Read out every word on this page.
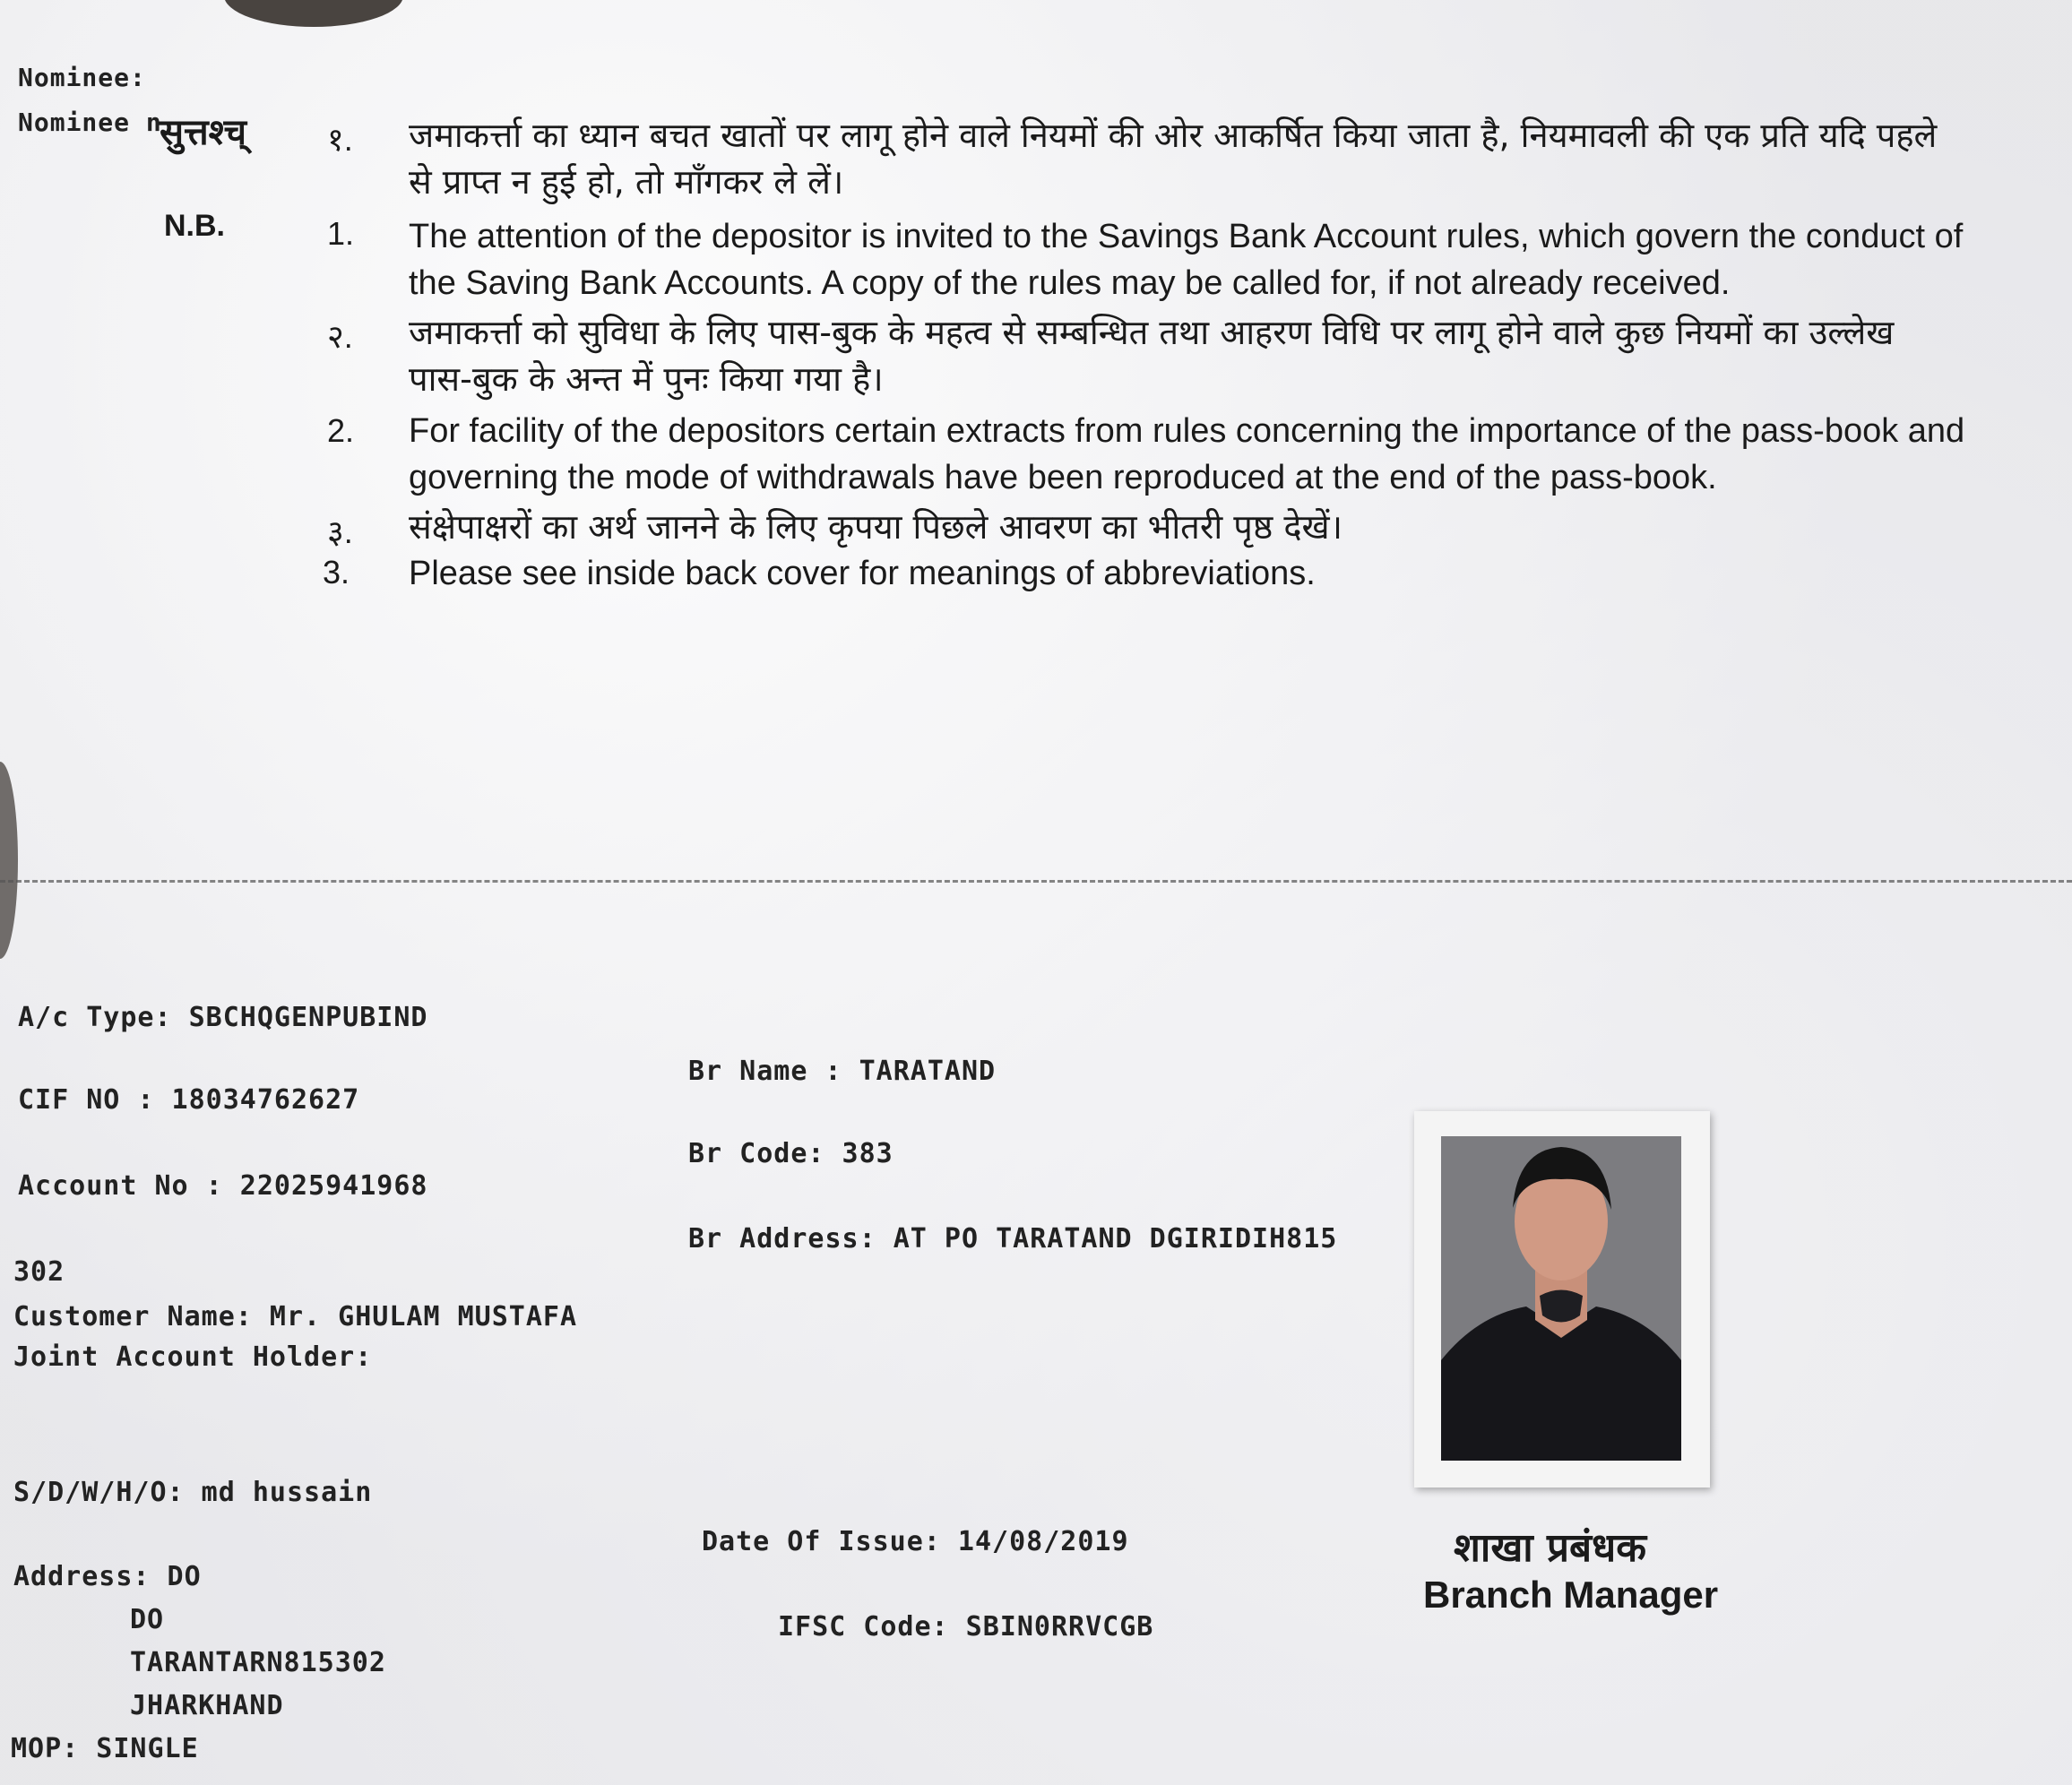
Nominee:
Nominee n
सुत्तश्च्
N.B.
१. जमाकर्त्ता का ध्यान बचत खातों पर लागू होने वाले नियमों की ओर आकर्षित किया जाता है, नियमावली की एक प्रति यदि पहले से प्राप्त न हुई हो, तो माँगकर ले लें।
1. The attention of the depositor is invited to the Savings Bank Account rules, which govern the conduct of the Saving Bank Accounts. A copy of the rules may be called for, if not already received.
२. जमाकर्त्ता को सुविधा के लिए पास-बुक के महत्व से सम्बन्धित तथा आहरण विधि पर लागू होने वाले कुछ नियमों का उल्लेख पास-बुक के अन्त में पुनः किया गया है।
2. For facility of the depositors certain extracts from rules concerning the importance of the pass-book and governing the mode of withdrawals have been reproduced at the end of the pass-book.
३. संक्षेपाक्षरों का अर्थ जानने के लिए कृपया पिछले आवरण का भीतरी पृष्ठ देखें।
3. Please see inside back cover for meanings of abbreviations.
A/c Type: SBCHQGENPUBIND
CIF NO : 18034762627
Account No : 22025941968
302
Customer Name: Mr. GHULAM MUSTAFA
Joint Account Holder:
S/D/W/H/O: md hussain
Address: DO
DO
TARANTARN815302
JHARKHAND
MOP: SINGLE
Br Name : TARATAND
Br Code: 383
Br Address: AT PO TARATAND DGIRIDIH815
Date Of Issue: 14/08/2019
IFSC Code: SBIN0RRVCGB
शाखा प्रबंधक
Branch Manager
